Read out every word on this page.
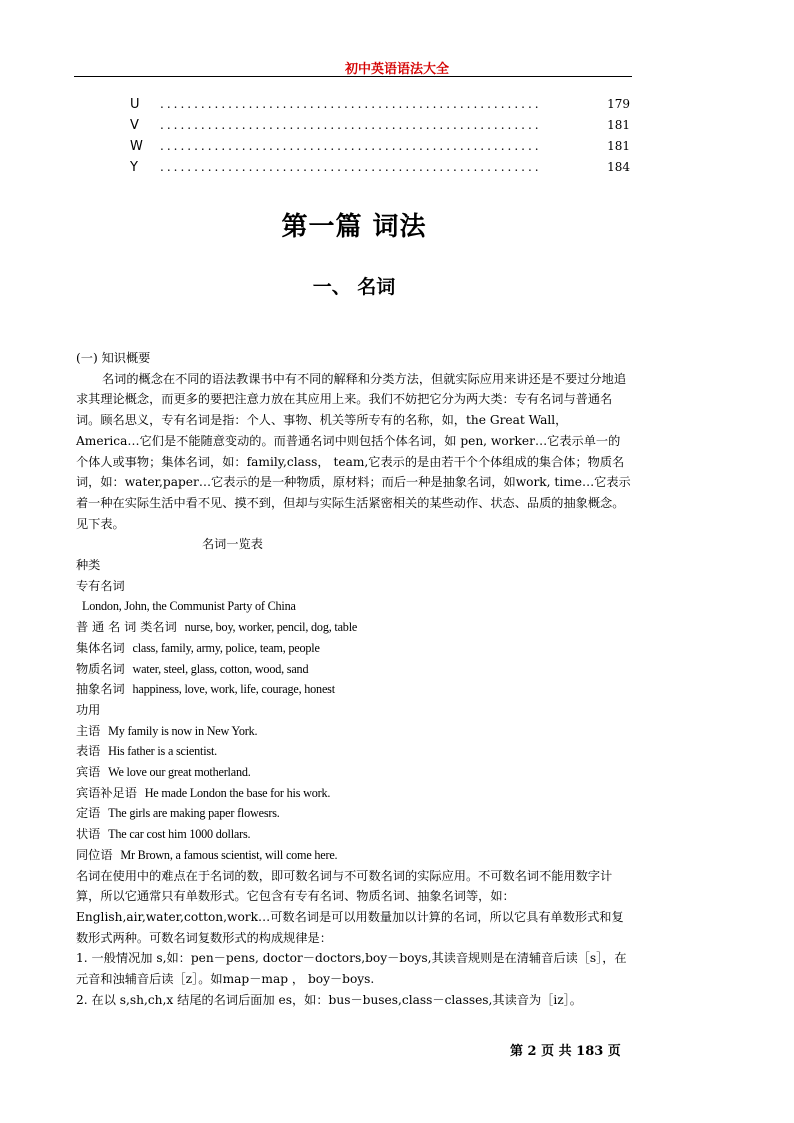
初中英语语法大全
U	........................................................	179
V	........................................................	181
W	........................................................	181
Y	........................................................	184
第一篇 词法
一、 名词

(一) 知识概要

名词的概念在不同的语法教课书中有不同的解释和分类方法，但就实际应用来讲还是不要过分地追求其理论概念，而更多的要把注意力放在其应用上来。我们不妨把它分为两大类：专有名词与普通名词。顾名思义，专有名词是指：个人、事物、机关等所专有的名称，如，the Great Wall， America…它们是不能随意变动的。而普通名词中则包括个体名词，如 pen, worker…它表示单一的个体人或事物；集体名词，如：family,class， team,它表示的是由若干个个体组成的集合体；物质名词，如：water,paper…它表示的是一种物质，原材料；而后一种是抽象名词，如work, time…它表示着一种在实际生活中看不见、摸不到，但却与实际生活紧密相关的某些动作、状态、品质的抽象概念。见下表。

名词一览表

种类

专有名词

London, John, the Communist Party of China

普 通 名 词 类名词 nurse, boy, worker, pencil, dog, table

集体名词 class, family, army, police, team, people

物质名词 water, steel, glass, cotton, wood, sand

抽象名词 happiness, love, work, life, courage, honest

功用

主语 My family is now in New York.

表语 His father is a scientist.

宾语 We love our great motherland.

宾语补足语 He made London the base for his work.

定语 The girls are making paper flowesrs.

状语 The car cost him 1000 dollars.

同位语 Mr Brown, a famous scientist, will come here.

名词在使用中的难点在于名词的数，即可数名词与不可数名词的实际应用。不可数名词不能用数字计算，所以它通常只有单数形式。它包含有专有名词、物质名词、抽象名词等，如：English,air,water,cotton,work…可数名词是可以用数量加以计算的名词，所以它具有单数形式和复数形式两种。可数名词复数形式的构成规律是：

1. 一般情况加 s,如：pen－pens, doctor－doctors,boy－boys,其读音规则是在清辅音后读［s］，在元音和浊辅音后读［z］。如map－map ， boy－boys.

2. 在以 s,sh,ch,x 结尾的名词后面加 es，如：bus－buses,class－classes,其读音为［iz］。

第 2 页 共 183 页
